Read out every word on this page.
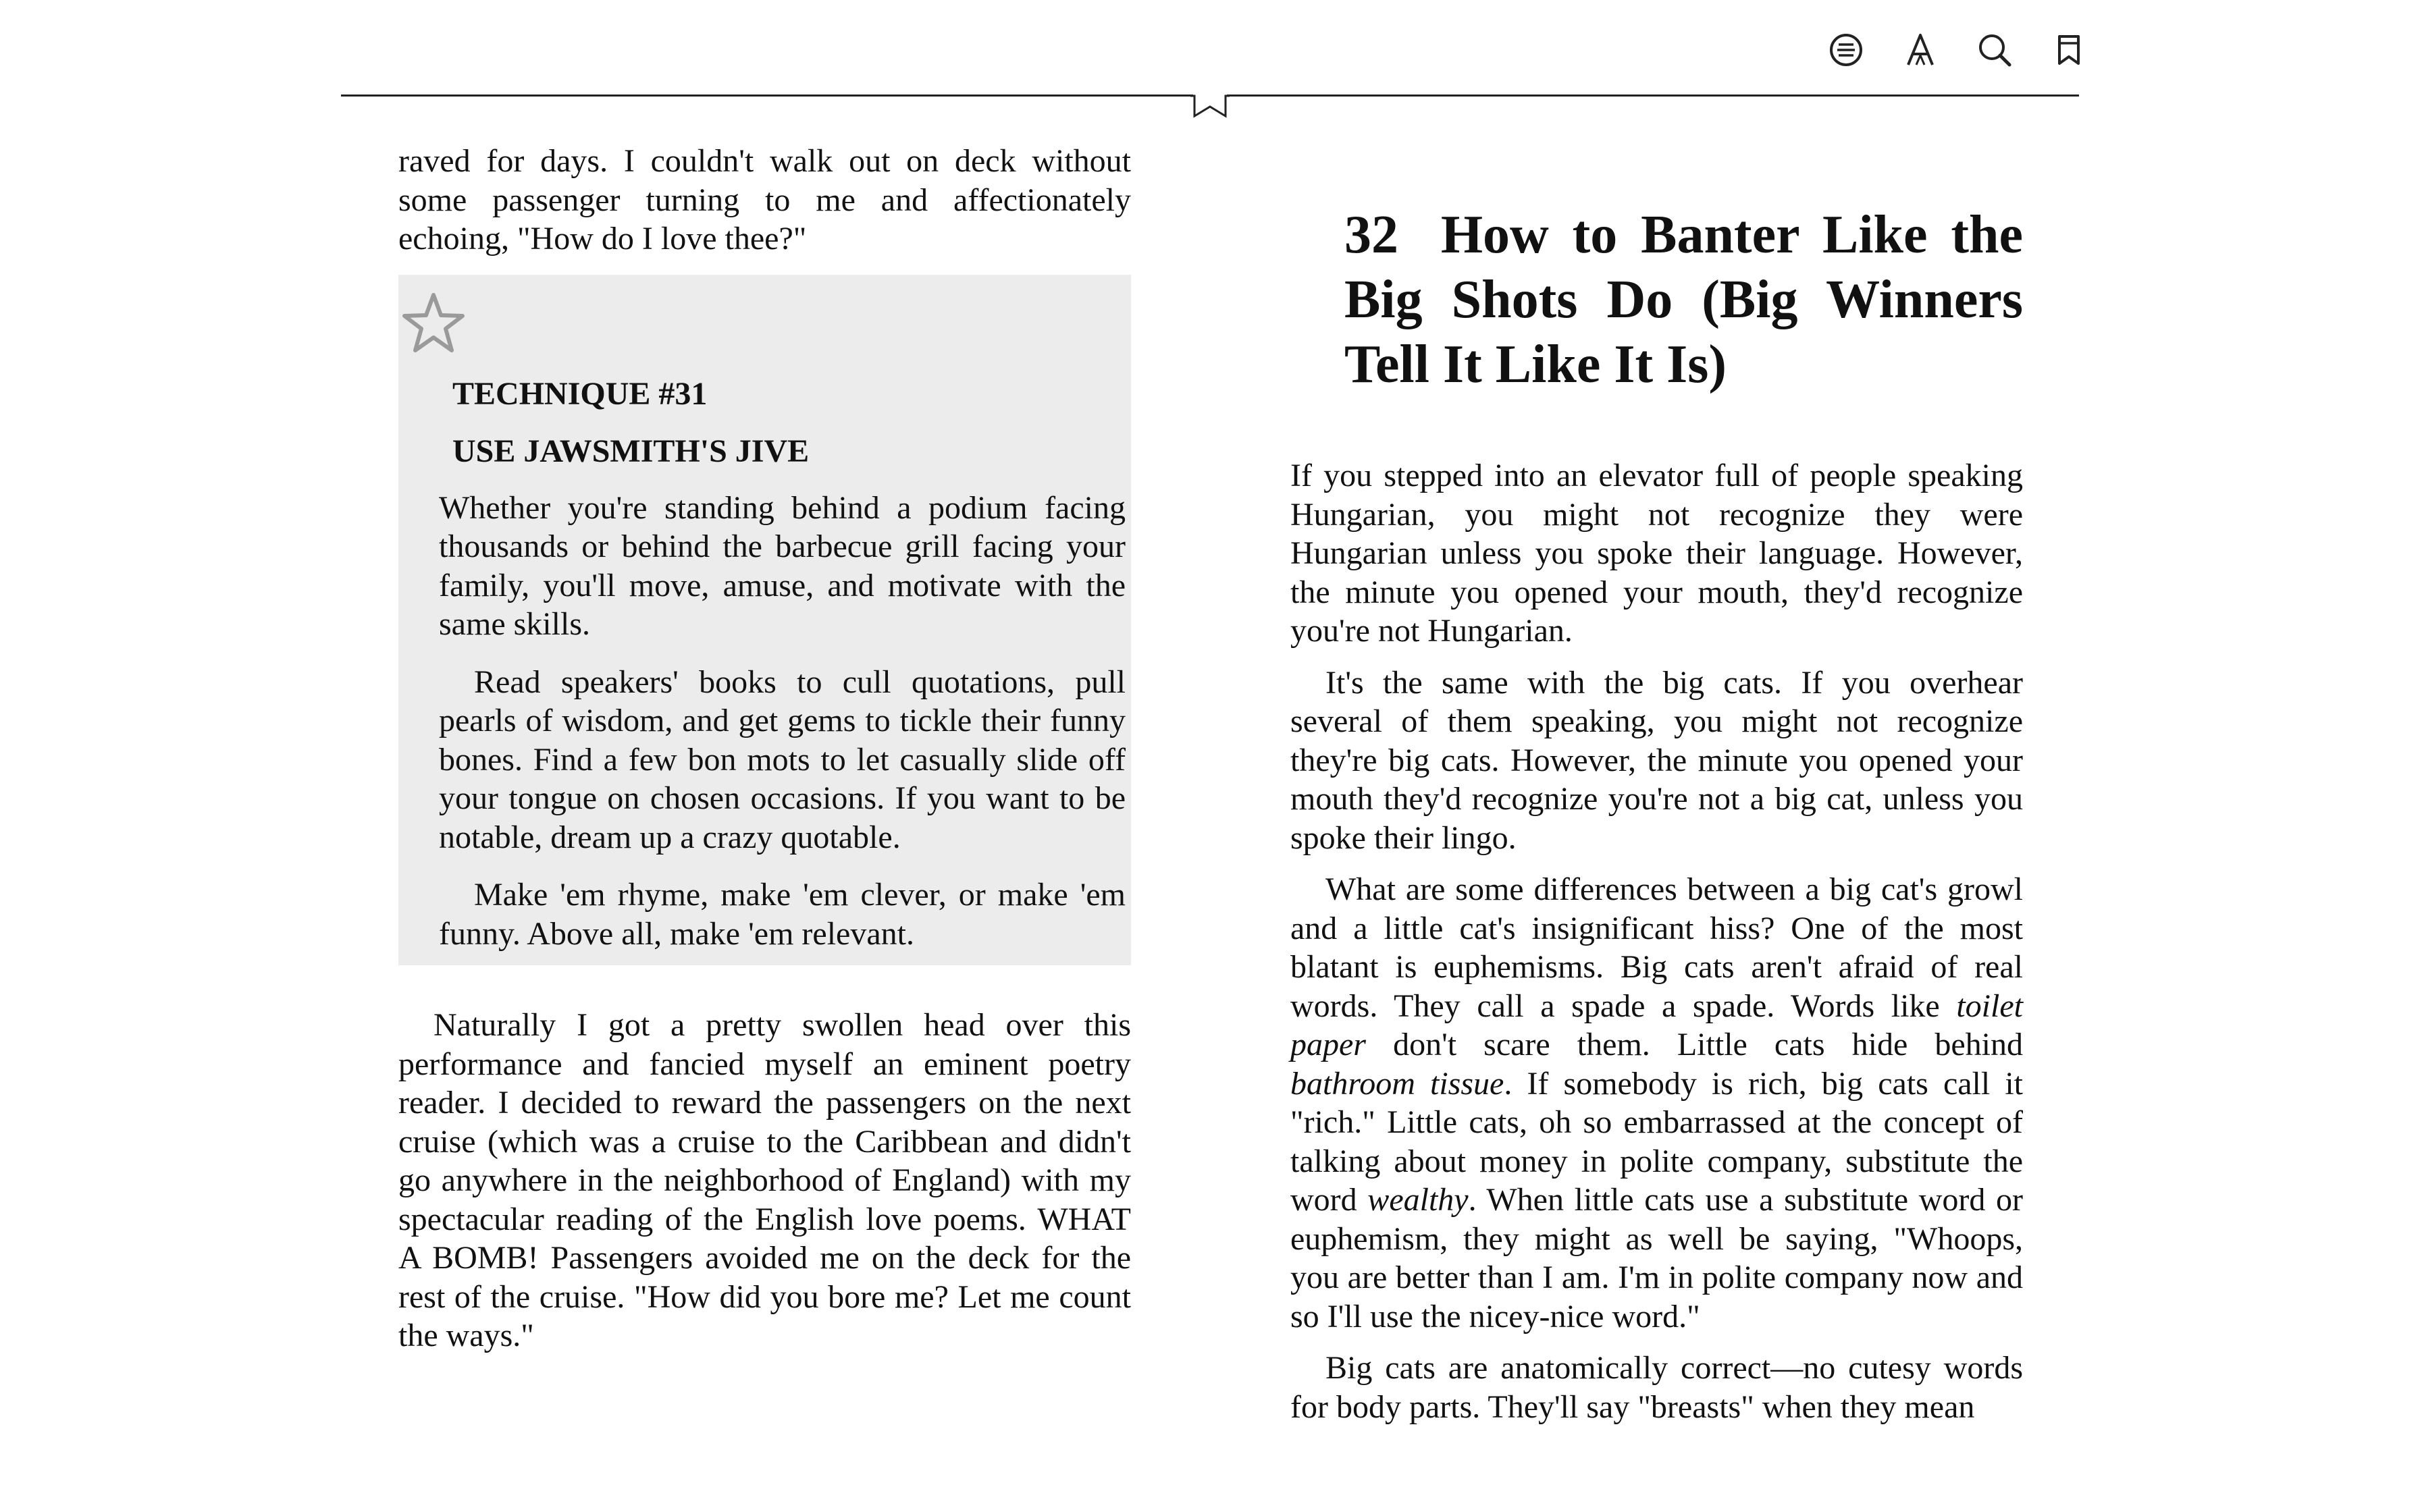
raved for days. I couldn't walk out on deck without some passenger turning to me and affectionately echoing, "How do I love thee?"

TECHNIQUE #31
USE JAWSMITH'S JIVE

Whether you're standing behind a podium facing thousands or behind the barbecue grill facing your family, you'll move, amuse, and motivate with the same skills.

Read speakers' books to cull quotations, pull pearls of wisdom, and get gems to tickle their funny bones. Find a few bon mots to let casually slide off your tongue on chosen occasions. If you want to be notable, dream up a crazy quotable.

Make 'em rhyme, make 'em clever, or make 'em funny. Above all, make 'em relevant.

Naturally I got a pretty swollen head over this performance and fancied myself an eminent poetry reader. I decided to reward the passengers on the next cruise (which was a cruise to the Caribbean and didn't go anywhere in the neighborhood of England) with my spectacular reading of the English love poems. WHAT A BOMB! Passengers avoided me on the deck for the rest of the cruise. "How did you bore me? Let me count the ways."

32 How to Banter Like the Big Shots Do (Big Winners Tell It Like It Is)

If you stepped into an elevator full of people speaking Hungarian, you might not recognize they were Hungarian unless you spoke their language. However, the minute you opened your mouth, they'd recognize you're not Hungarian.

It's the same with the big cats. If you overhear several of them speaking, you might not recognize they're big cats. However, the minute you opened your mouth they'd recognize you're not a big cat, unless you spoke their lingo.

What are some differences between a big cat's growl and a little cat's insignificant hiss? One of the most blatant is euphemisms. Big cats aren't afraid of real words. They call a spade a spade. Words like toilet paper don't scare them. Little cats hide behind bathroom tissue. If somebody is rich, big cats call it "rich." Little cats, oh so embarrassed at the concept of talking about money in polite company, substitute the word wealthy. When little cats use a substitute word or euphemism, they might as well be saying, "Whoops, you are better than I am. I'm in polite company now and so I'll use the nicey-nice word."

Big cats are anatomically correct—no cutesy words for body parts. They'll say "breasts" when they mean
